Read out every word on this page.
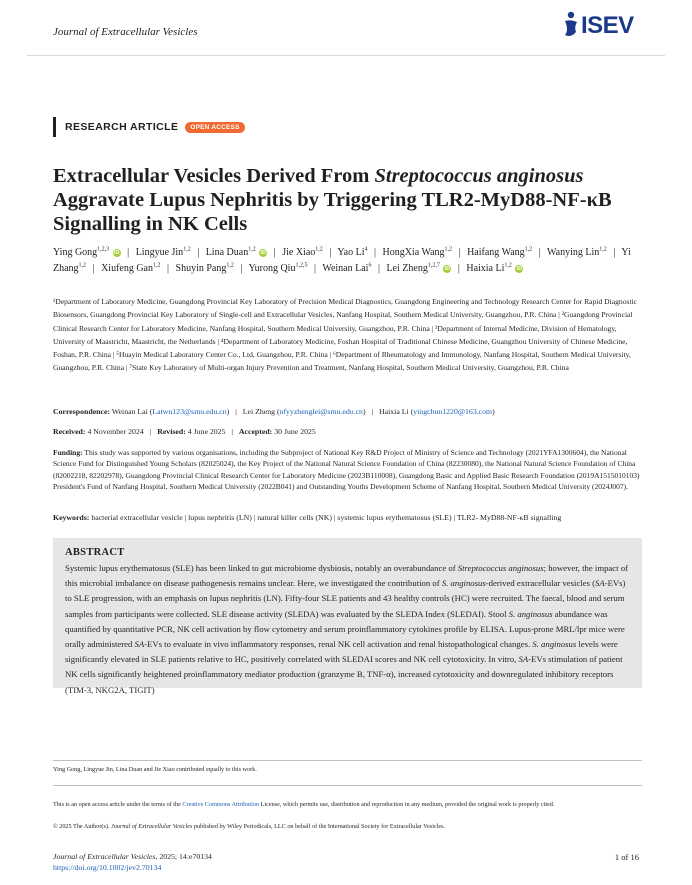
Journal of Extracellular Vesicles	ISEV
RESEARCH ARTICLE	OPEN ACCESS
Extracellular Vesicles Derived From Streptococcus anginosus Aggravate Lupus Nephritis by Triggering TLR2-MyD88-NF-κB Signalling in NK Cells
Ying Gong$^{1,2,3}$ iD | Lingyue Jin$^{1,2}$ | Lina Duan$^{1,2}$ iD | Jie Xiao$^{1,2}$ | Yao Li$^4$ | HongXia Wang$^{1,2}$ | Haifang Wang$^{1,2}$ | Wanying Lin$^{1,2}$ | Yi Zhang$^{1,2}$ | Xiufeng Gan$^{1,2}$ | Shuyin Pang$^{1,2}$ | Yurong Qiu$^{1,2,5}$ | Weinan Lai$^6$ | Lei Zheng$^{1,2,7}$ iD | Haixia Li$^{1,2}$ iD
¹Department of Laboratory Medicine, Guangdong Provincial Key Laboratory of Precision Medical Diagnostics, Guangdong Engineering and Technology Research Center for Rapid Diagnostic Biosensors, Guangdong Provincial Key Laboratory of Single-cell and Extracellular Vesicles, Nanfang Hospital, Southern Medical University, Guangzhou, P.R. China | ²Guangdong Provincial Clinical Research Center for Laboratory Medicine, Nanfang Hospital, Southern Medical University, Guangzhou, P.R. China | ³Department of Internal Medicine, Division of Hematology, University of Maastricht, Maastricht, the Netherlands | ⁴Department of Laboratory Medicine, Foshan Hospital of Traditional Chinese Medicine, Guangzhou University of Chinese Medicine, Foshan, P.R. China | ⁵Huayin Medical Laboratory Center Co., Ltd, Guangzhou, P.R. China | ⁶Department of Rheumatology and Immunology, Nanfang Hospital, Southern Medical University, Guangzhou, P.R. China | ⁷State Key Laboratory of Multi-organ Injury Prevention and Treatment, Nanfang Hospital, Southern Medical University, Guangzhou, P.R. China
Correspondence: Weinan Lai (Latwn123@smu.edu.cn) | Lei Zheng (nfyyzhenglei@smu.edu.cn) | Haixia Li (yingchun1220@163.com)
Received: 4 November 2024 | Revised: 4 June 2025 | Accepted: 30 June 2025
Funding: This study was supported by various organisations, including the Subproject of National Key R&D Project of Ministry of Science and Technology (2021YFA1300604), the National Science Fund for Distinguished Young Scholars (82025024), the Key Project of the National Natural Science Foundation of China (82230080), the National Natural Science Foundation of China (82002218, 82202978), Guangdong Provincial Clinical Research Center for Laboratory Medicine (2023B110008), Guangdong Basic and Applied Basic Research Foundation (2019A1515010103) President's Fund of Nanfang Hospital, Southern Medical University (2022B041) and Outstanding Youths Development Scheme of Nanfang Hospital, Southern Medical University (2024J007).
Keywords: bacterial extracellular vesicle | lupus nephritis (LN) | natural killer cells (NK) | systemic lupus erythematosus (SLE) | TLR2- MyD88-NF-κB signalling
ABSTRACT
Systemic lupus erythematosus (SLE) has been linked to gut microbiome dysbiosis, notably an overabundance of Streptococcus anginosus; however, the impact of this microbial imbalance on disease pathogenesis remains unclear. Here, we investigated the contribution of S. anginosus-derived extracellular vesicles (SA-EVs) to SLE progression, with an emphasis on lupus nephritis (LN). Fifty-four SLE patients and 43 healthy controls (HC) were recruited. The faecal, blood and serum samples from participants were collected. SLE disease activity (SLEDA) was evaluated by the SLEDA Index (SLEDAI). Stool S. anginosus abundance was quantified by quantitative PCR, NK cell activation by flow cytometry and serum proinflammatory cytokines profile by ELISA. Lupus-prone MRL/lpr mice were orally administered SA-EVs to evaluate in vivo inflammatory responses, renal NK cell activation and renal histopathological changes. S. anginosus levels were significantly elevated in SLE patients relative to HC, positively correlated with SLEDAI scores and NK cell cytotoxicity. In vitro, SA-EVs stimulation of patient NK cells significantly heightened proinflammatory mediator production (granzyme B, TNF-α), increased cytotoxicity and downregulated inhibitory receptors (TIM-3, NKG2A, TIGIT)
Ying Gong, Lingyue Jin, Lina Duan and Jie Xiao contributed equally to this work.
This is an open access article under the terms of the Creative Commons Attribution License, which permits use, distribution and reproduction in any medium, provided the original work is properly cited.
© 2025 The Author(s). Journal of Extracellular Vesicles published by Wiley Periodicals, LLC on behalf of the International Society for Extracellular Vesicles.
Journal of Extracellular Vesicles, 2025; 14:e70134
https://doi.org/10.1002/jev2.70134
1 of 16
